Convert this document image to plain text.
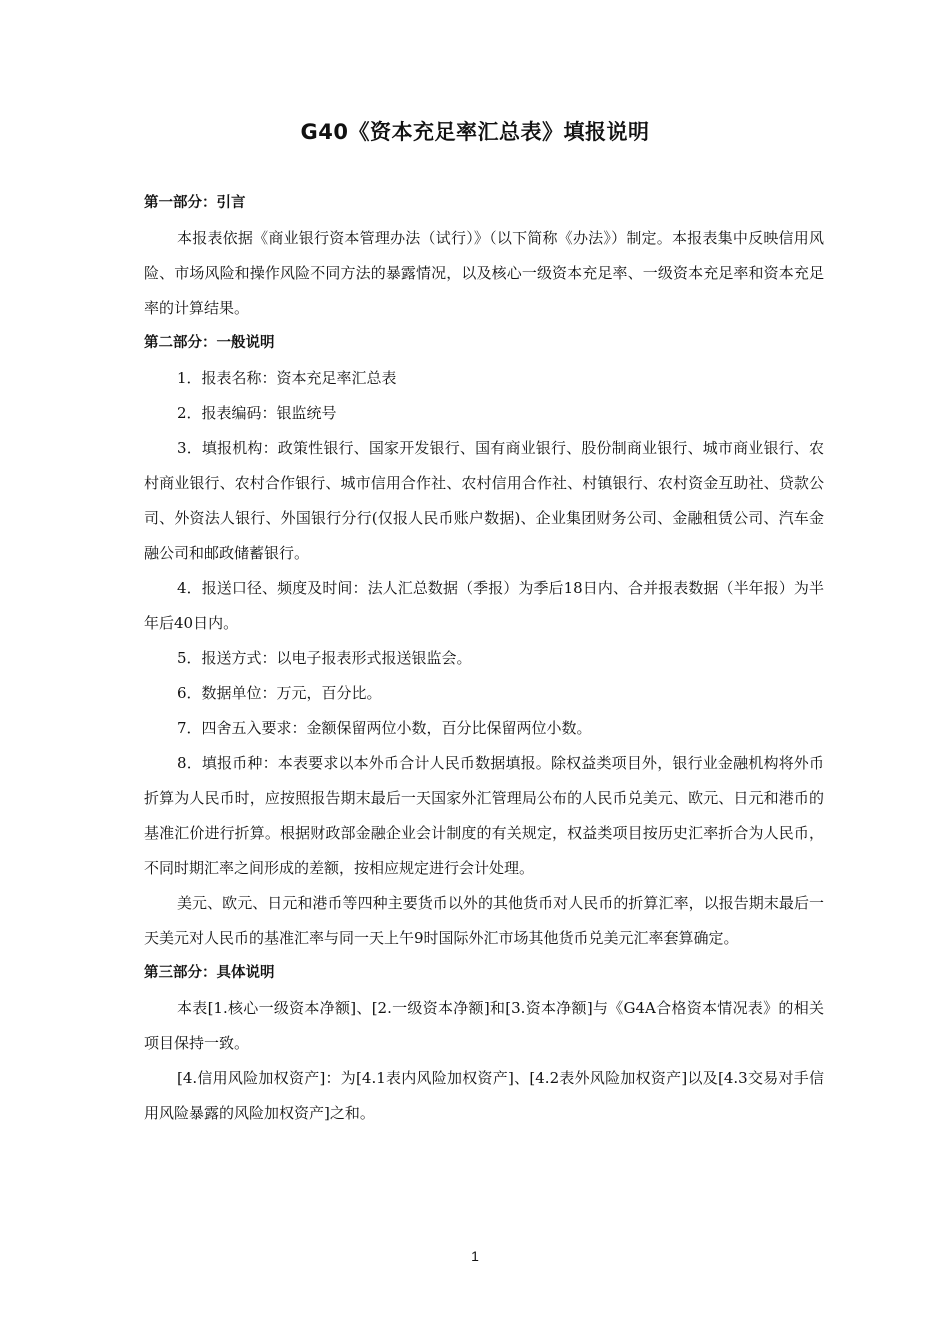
G40《资本充足率汇总表》填报说明

第一部分：引言

本报表依据《商业银行资本管理办法（试行）》（以下简称《办法》）制定。本报表集中反映信用风险、市场风险和操作风险不同方法的暴露情况，以及核心一级资本充足率、一级资本充足率和资本充足率的计算结果。

第二部分：一般说明

1．报表名称：资本充足率汇总表

2．报表编码：银监统号

3．填报机构：政策性银行、国家开发银行、国有商业银行、股份制商业银行、城市商业银行、农村商业银行、农村合作银行、城市信用合作社、农村信用合作社、村镇银行、农村资金互助社、贷款公司、外资法人银行、外国银行分行(仅报人民币账户数据)、企业集团财务公司、金融租赁公司、汽车金融公司和邮政储蓄银行。

4．报送口径、频度及时间：法人汇总数据（季报）为季后18日内、合并报表数据（半年报）为半年后40日内。

5．报送方式：以电子报表形式报送银监会。

6．数据单位：万元，百分比。

7．四舍五入要求：金额保留两位小数，百分比保留两位小数。

8．填报币种：本表要求以本外币合计人民币数据填报。除权益类项目外，银行业金融机构将外币折算为人民币时，应按照报告期末最后一天国家外汇管理局公布的人民币兑美元、欧元、日元和港币的基准汇价进行折算。根据财政部金融企业会计制度的有关规定，权益类项目按历史汇率折合为人民币，不同时期汇率之间形成的差额，按相应规定进行会计处理。

美元、欧元、日元和港币等四种主要货币以外的其他货币对人民币的折算汇率，以报告期末最后一天美元对人民币的基准汇率与同一天上午9时国际外汇市场其他货币兑美元汇率套算确定。

第三部分：具体说明

本表[1.核心一级资本净额]、[2.一级资本净额]和[3.资本净额]与《G4A合格资本情况表》的相关项目保持一致。

[4.信用风险加权资产]：为[4.1表内风险加权资产]、[4.2表外风险加权资产]以及[4.3交易对手信用风险暴露的风险加权资产]之和。

1
